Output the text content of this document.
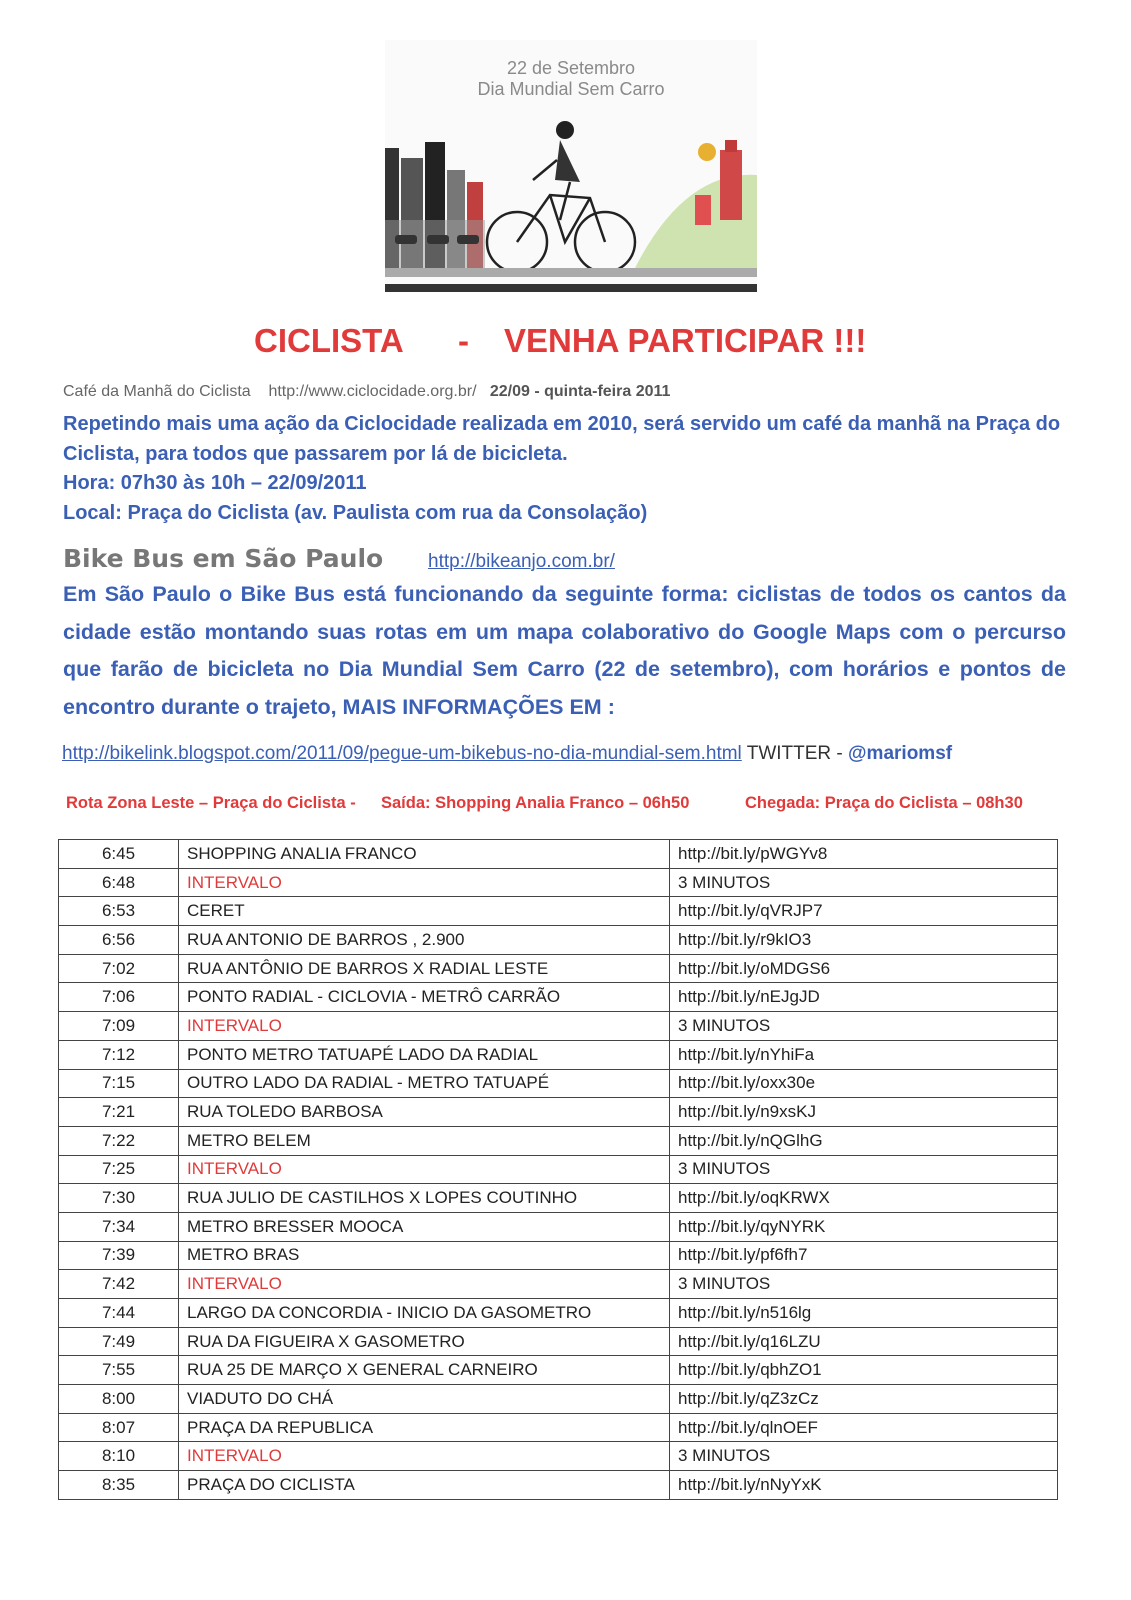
22 de Setembro
Dia Mundial Sem Carro
CICLISTA - VENHA PARTICIPAR !!!
Café da Manhã do Ciclista http://www.ciclocidade.org.br/ 22/09 - quinta-feira 2011

Repetindo mais uma ação da Ciclocidade realizada em 2010, será servido um café da manhã na Praça do Ciclista, para todos que passarem por lá de bicicleta.

Hora: 07h30 às 10h – 22/09/2011

Local: Praça do Ciclista (av. Paulista com rua da Consolação)

Bike Bus em São Paulo http://bikeanjo.com.br/
Em São Paulo o Bike Bus está funcionando da seguinte forma: ciclistas de todos os cantos da cidade estão montando suas rotas em um mapa colaborativo do Google Maps com o percurso que farão de bicicleta no Dia Mundial Sem Carro (22 de setembro), com horários e pontos de encontro durante o trajeto, MAIS INFORMAÇÕES EM :
http://bikelink.blogspot.com/2011/09/pegue-um-bikebus-no-dia-mundial-sem.html TWITTER - @mariomsf
Rota Zona Leste – Praça do Ciclista - Saída: Shopping Analia Franco – 06h50	Chegada: Praça do Ciclista – 08h30
6:45	SHOPPING ANALIA FRANCO	http://bit.ly/pWGYv8
6:48	INTERVALO	3 MINUTOS
6:53	CERET	http://bit.ly/qVRJP7
6:56	RUA ANTONIO DE BARROS , 2.900	http://bit.ly/r9kIO3
7:02	RUA ANTÔNIO DE BARROS X RADIAL LESTE	http://bit.ly/oMDGS6
7:06	PONTO RADIAL - CICLOVIA - METRÔ CARRÃO	http://bit.ly/nEJgJD
7:09	INTERVALO	3 MINUTOS
7:12	PONTO METRO TATUAPÉ LADO DA RADIAL	http://bit.ly/nYhiFa
7:15	OUTRO LADO DA RADIAL - METRO TATUAPÉ	http://bit.ly/oxx30e
7:21	RUA TOLEDO BARBOSA	http://bit.ly/n9xsKJ
7:22	METRO BELEM	http://bit.ly/nQGlhG
7:25	INTERVALO	3 MINUTOS
7:30	RUA JULIO DE CASTILHOS X LOPES COUTINHO	http://bit.ly/oqKRWX
7:34	METRO BRESSER MOOCA	http://bit.ly/qyNYRK
7:39	METRO BRAS	http://bit.ly/pf6fh7
7:42	INTERVALO	3 MINUTOS
7:44	LARGO DA CONCORDIA - INICIO DA GASOMETRO	http://bit.ly/n516lg
7:49	RUA DA FIGUEIRA X GASOMETRO	http://bit.ly/q16LZU
7:55	RUA 25 DE MARÇO X GENERAL CARNEIRO	http://bit.ly/qbhZO1
8:00	VIADUTO DO CHÁ	http://bit.ly/qZ3zCz
8:07	PRAÇA DA REPUBLICA	http://bit.ly/qlnOEF
8:10	INTERVALO	3 MINUTOS
8:35	PRAÇA DO CICLISTA	http://bit.ly/nNyYxK
